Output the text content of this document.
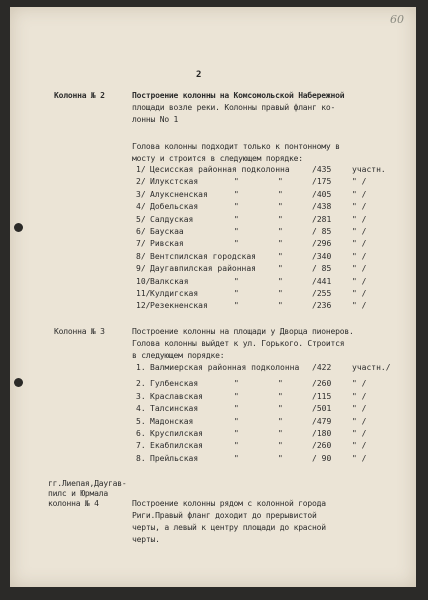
60
2
Колонна № 2	Построение колонны на Комсомольской Набережной
площади возле реки. Колонны правый фланг ко-
лонны Nо 1
Голова колонны подходит только к понтонному в
мосту и строится в следующем порядке:
1/ Цесисская районная подколонна	/435	участн.
2/ Илукстская	"	"	/175	" /
3/ Алуксненская	"	"	/405	" /
4/ Добельская	"	"	/438	" /
5/ Салдуская	"	"	/281	" /
6/ Баускаа	"	"	/ 85	" /
7/ Ривская	"	"	/296	" /
8/ Вентспилская городская	"	/340	" /
9/ Даугавпилская районная	"	/ 85	" /
10/ Валкская	"	"	/441	" /
11/ Кулдигская	"	"	/255	" /
12/ Резекненская	"	"	/236	" /
Колонна № 3	Построение колонны на площади у Дворца пионеров.
Голова колонны выйдет к ул. Горького. Строится
в следующем порядке:
1. Валмиерская районная подколонна /422	участн./
2. Гулбенская	"	"	/260	" /
3. Краславская	"	"	/115	" /
4. Талсинская	"	"	/501	" /
5. Мадонская	"	"	/479	" /
6. Круспилская	"	"	/180	" /
7. Екабпилская	"	"	/260	" /
8. Прейльская	"	"	/ 90	" /
гг.Лиепая,Даугав-
пилс и Юрмала
колонна № 4	Построение колонны рядом с колонной города
Риги.Правый фланг доходит до прерывистой
черты, а левый к центру площади до красной
черты.
